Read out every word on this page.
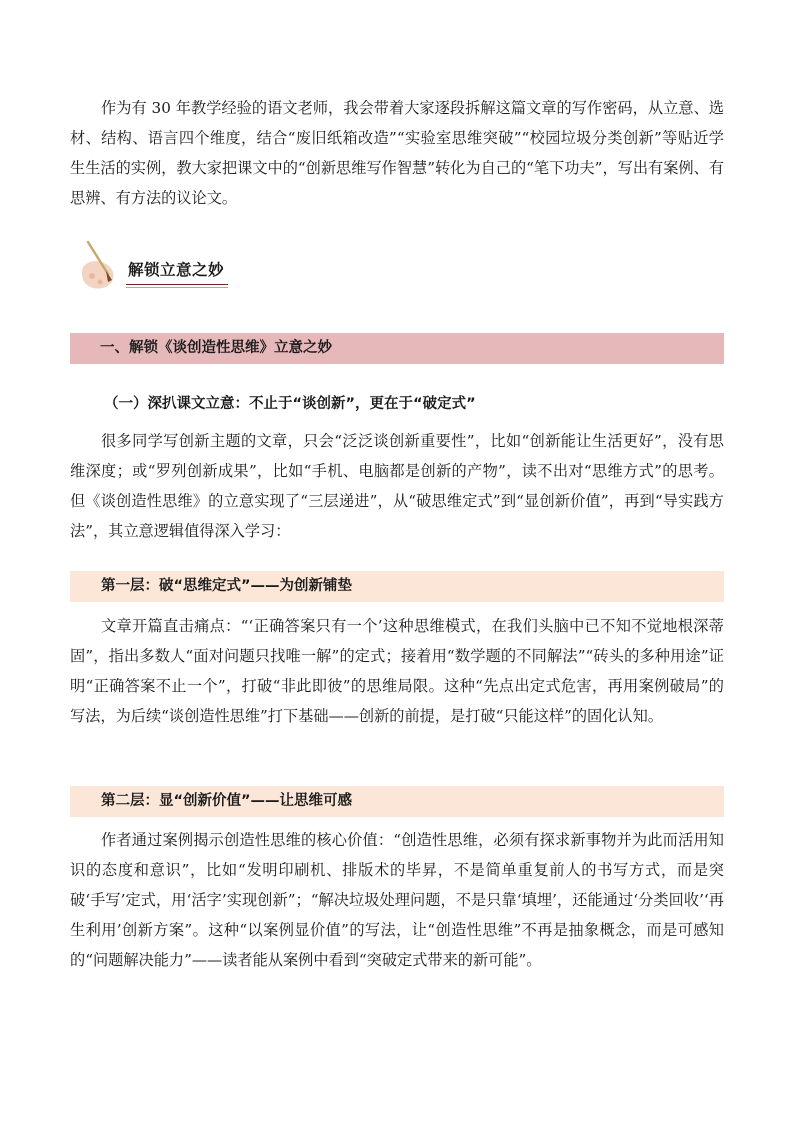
作为有 30 年教学经验的语文老师，我会带着大家逐段拆解这篇文章的写作密码，从立意、选材、结构、语言四个维度，结合“废旧纸箱改造”“实验室思维突破”“校园垃圾分类创新”等贴近学生生活的实例，教大家把课文中的“创新思维写作智慧”转化为自己的“笔下功夫”，写出有案例、有思辨、有方法的议论文。

解锁立意之妙
一、解锁《谈创造性思维》立意之妙
（一）深扒课文立意：不止于“谈创新”，更在于“破定式”

很多同学写创新主题的文章，只会“泛泛谈创新重要性”，比如“创新能让生活更好”，没有思维深度；或“罗列创新成果”，比如“手机、电脑都是创新的产物”，读不出对“思维方式”的思考。但《谈创造性思维》的立意实现了“三层递进”，从“破思维定式”到“显创新价值”，再到“导实践方法”，其立意逻辑值得深入学习：

第一层：破“思维定式”——为创新铺垫

文章开篇直击痛点：“‘正确答案只有一个’这种思维模式，在我们头脑中已不知不觉地根深蒂固”，指出多数人“面对问题只找唯一解”的定式；接着用“数学题的不同解法”“砖头的多种用途”证明“正确答案不止一个”，打破“非此即彼”的思维局限。这种“先点出定式危害，再用案例破局”的写法，为后续“谈创造性思维”打下基础——创新的前提，是打破“只能这样”的固化认知。

第二层：显“创新价值”——让思维可感

作者通过案例揭示创造性思维的核心价值：“创造性思维，必须有探求新事物并为此而活用知识的态度和意识”，比如“发明印刷机、排版术的毕昇，不是简单重复前人的书写方式，而是突破‘手写’定式，用‘活字’实现创新”；“解决垃圾处理问题，不是只靠‘填埋’，还能通过‘分类回收’‘再生利用’创新方案”。这种“以案例显价值”的写法，让“创造性思维”不再是抽象概念，而是可感知的“问题解决能力”——读者能从案例中看到“突破定式带来的新可能”。
